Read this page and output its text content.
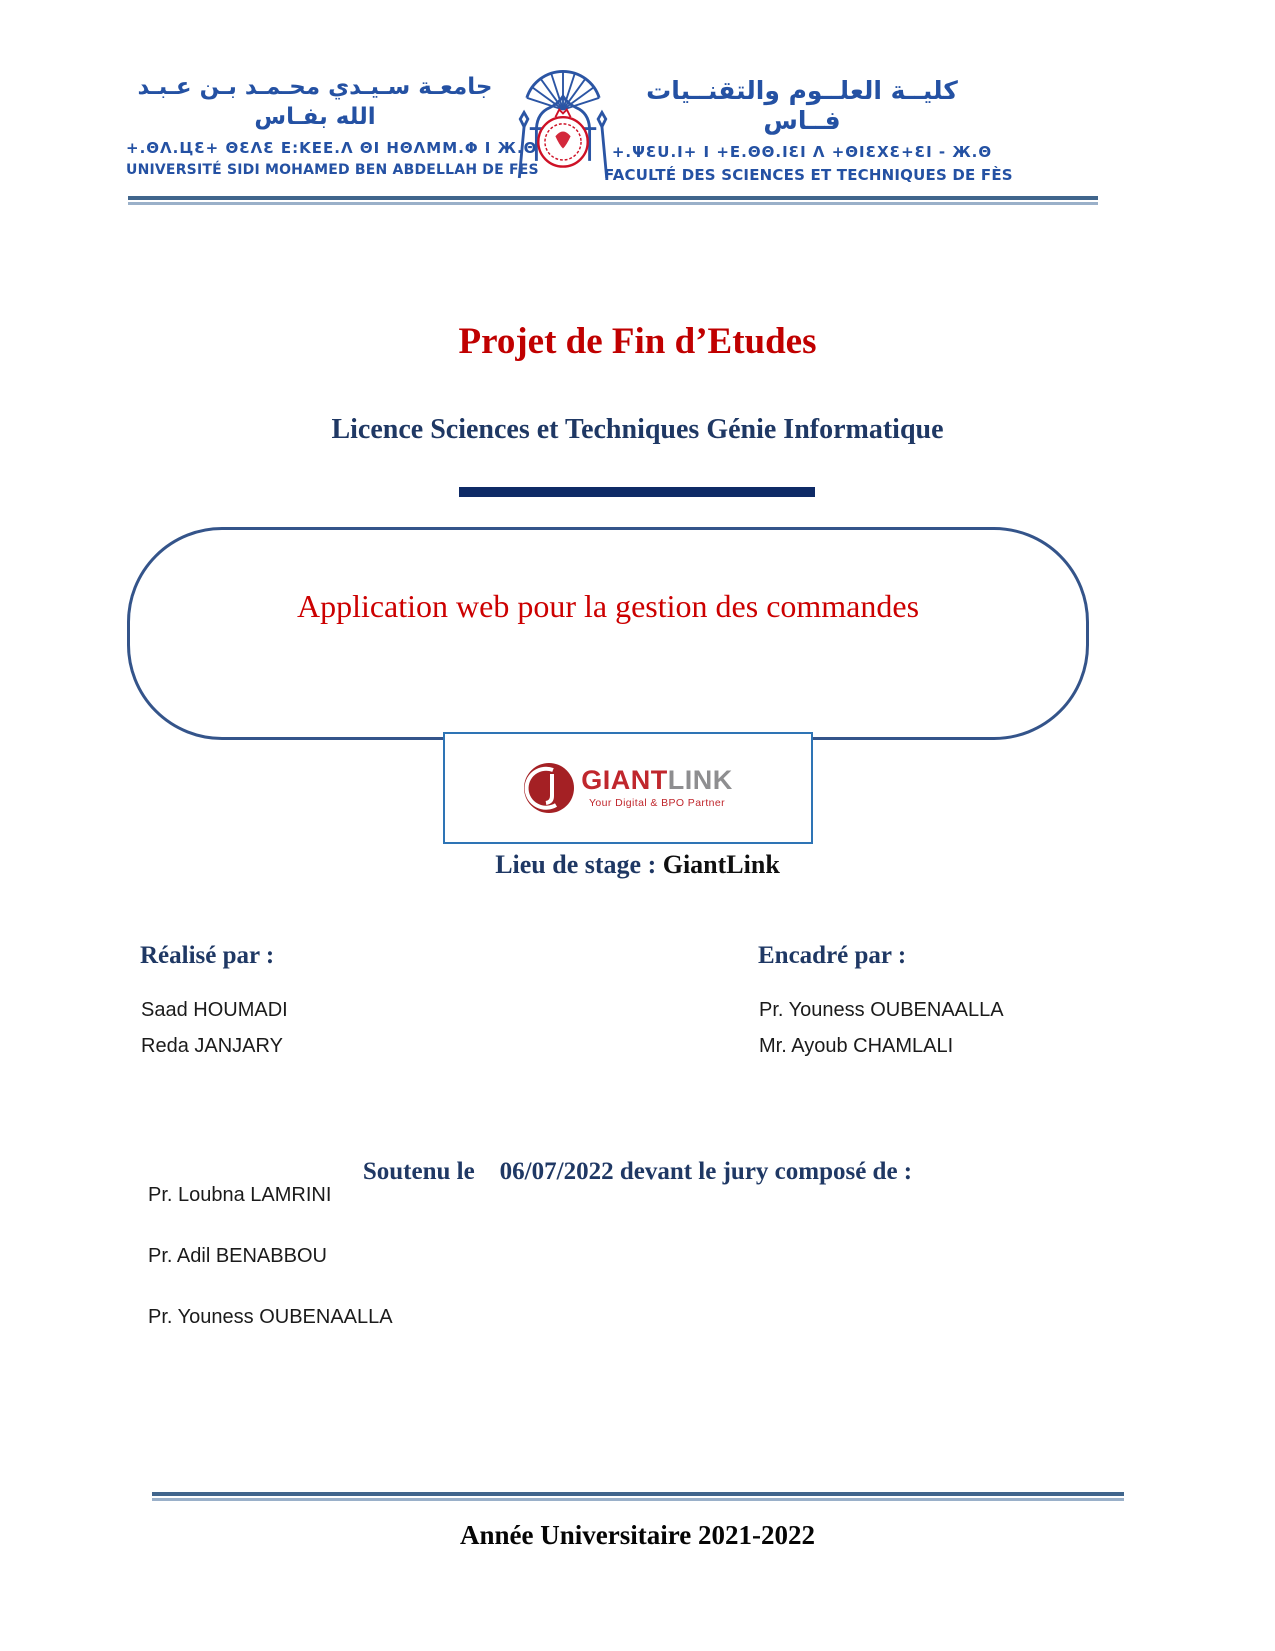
جامعـة سـيـدي محـمـد بـن عـبـد الله بفـاس
+.ΘΛ.ЦƐ+ ΘƐΛƐ Ε:ΚΕΕ.Λ ΘΙ ΗΘΛΜΜ.Φ Ι Ж.Θ
UNIVERSITÉ SIDI MOHAMED BEN ABDELLAH DE FES
كليــة العلــوم والتقنــيات فــاس
+.ΨƐU.Ι+ Ι +Ε.ΘΘ.ΙƐΙ Λ +ΘΙƐΧƐ+ƐΙ - Ж.Θ
FACULTÉ DES SCIENCES ET TECHNIQUES DE FÈS
Projet de Fin d’Etudes
Licence Sciences et Techniques Génie Informatique
Application web pour la gestion des commandes
GIANTLINK
Your Digital & BPO Partner
Lieu de stage : GiantLink
Réalisé par :
Saad HOUMADI
Reda JANJARY
Encadré par :
Pr. Youness OUBENAALLA
Mr. Ayoub CHAMLALI
Soutenu le    06/07/2022 devant le jury composé de :
Pr. Loubna LAMRINI
Pr. Adil BENABBOU
Pr. Youness OUBENAALLA
Année Universitaire 2021-2022
